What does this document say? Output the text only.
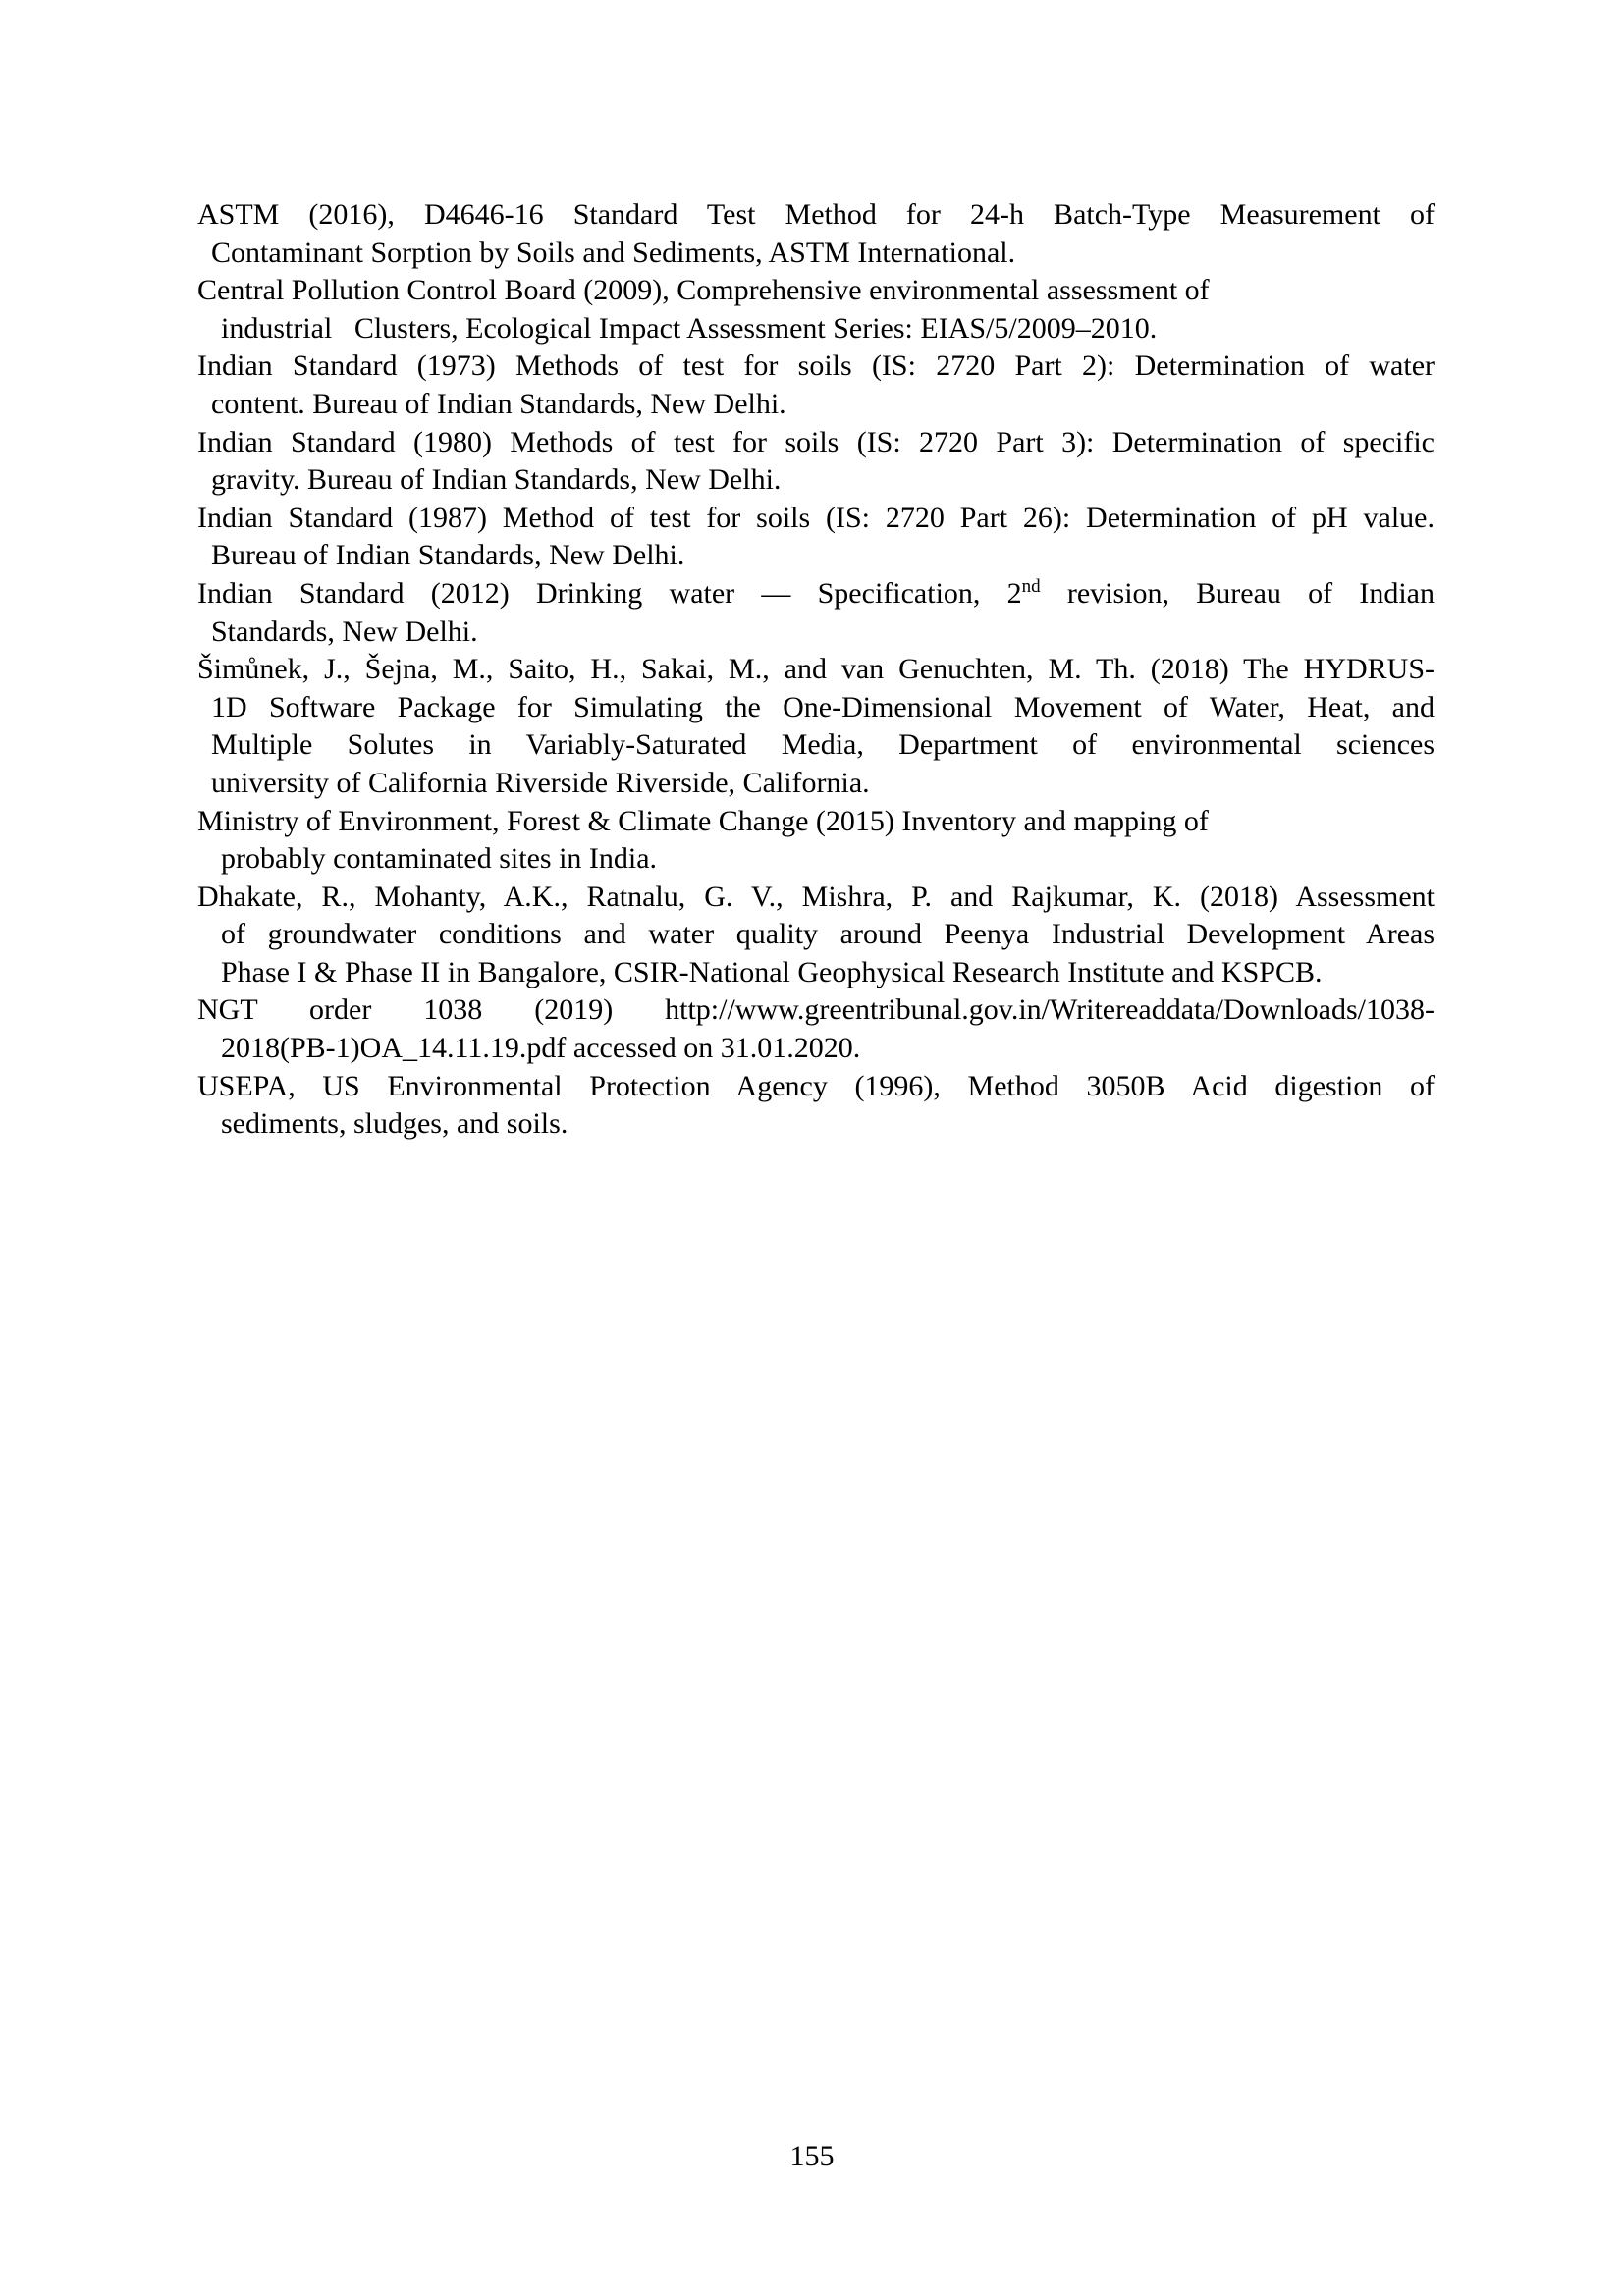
ASTM (2016), D4646-16 Standard Test Method for 24-h Batch-Type Measurement of
Contaminant Sorption by Soils and Sediments, ASTM International.
Central Pollution Control Board (2009), Comprehensive environmental assessment of
industrial   Clusters, Ecological Impact Assessment Series: EIAS/5/2009–2010.
Indian Standard (1973) Methods of test for soils (IS: 2720 Part 2): Determination of water
content. Bureau of Indian Standards, New Delhi.
Indian Standard (1980) Methods of test for soils (IS: 2720 Part 3): Determination of specific
gravity. Bureau of Indian Standards, New Delhi.
Indian Standard (1987) Method of test for soils (IS: 2720 Part 26): Determination of pH value.
Bureau of Indian Standards, New Delhi.
Indian Standard (2012) Drinking water — Specification, 2nd revision, Bureau of Indian
Standards, New Delhi.
Šimůnek, J., Šejna, M., Saito, H., Sakai, M., and van Genuchten, M. Th. (2018) The HYDRUS-
1D Software Package for Simulating the One-Dimensional Movement of Water, Heat, and
Multiple Solutes in Variably-Saturated Media, Department of environmental sciences
university of California Riverside Riverside, California.
Ministry of Environment, Forest & Climate Change (2015) Inventory and mapping of
probably contaminated sites in India.
Dhakate, R., Mohanty, A.K., Ratnalu, G. V., Mishra, P. and Rajkumar, K. (2018) Assessment
of groundwater conditions and water quality around Peenya Industrial Development Areas
Phase I & Phase II in Bangalore, CSIR-National Geophysical Research Institute and KSPCB.
NGT order 1038 (2019) http://www.greentribunal.gov.in/Writereaddata/Downloads/1038-
2018(PB-1)OA_14.11.19.pdf accessed on 31.01.2020.
USEPA, US Environmental Protection Agency (1996), Method 3050B Acid digestion of
sediments, sludges, and soils.
155
